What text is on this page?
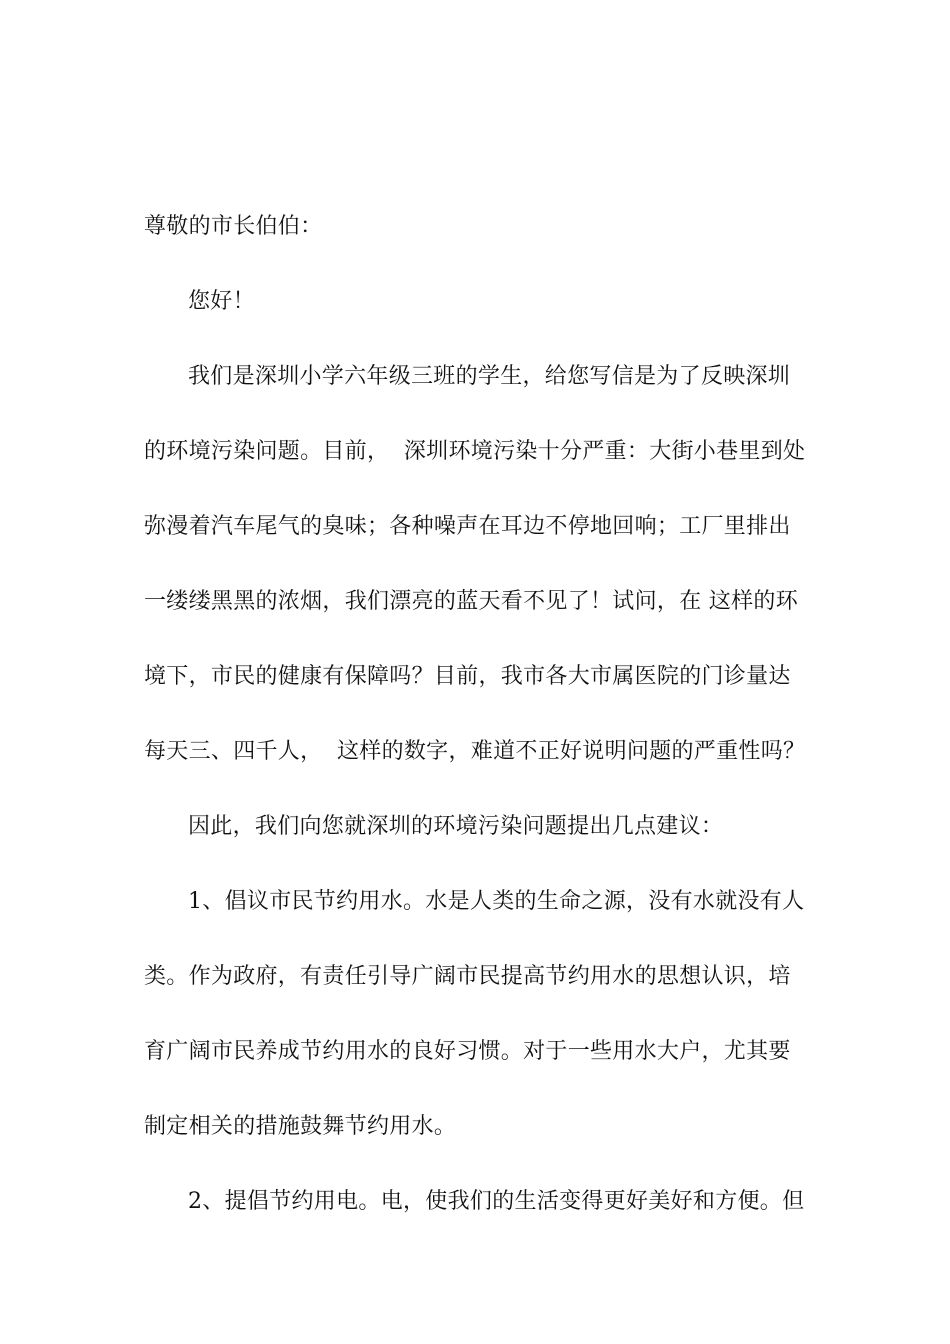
尊敬的市长伯伯：
您好！
我们是深圳小学六年级三班的学生，给您写信是为了反映深圳
的环境污染问题。目前，  深圳环境污染十分严重：大街小巷里到处
弥漫着汽车尾气的臭味；各种噪声在耳边不停地回响；工厂里排出
一缕缕黑黑的浓烟，我们漂亮的蓝天看不见了！试问，在 这样的环
境下，市民的健康有保障吗？目前，我市各大市属医院的门诊量达
每天三、四千人，  这样的数字，难道不正好说明问题的严重性吗？
因此，我们向您就深圳的环境污染问题提出几点建议：
1、倡议市民节约用水。水是人类的生命之源，没有水就没有人
类。作为政府，有责任引导广阔市民提高节约用水的思想认识，培
育广阔市民养成节约用水的良好习惯。对于一些用水大户，尤其要
制定相关的措施鼓舞节约用水。
2、提倡节约用电。电，使我们的生活变得更好美好和方便。但
